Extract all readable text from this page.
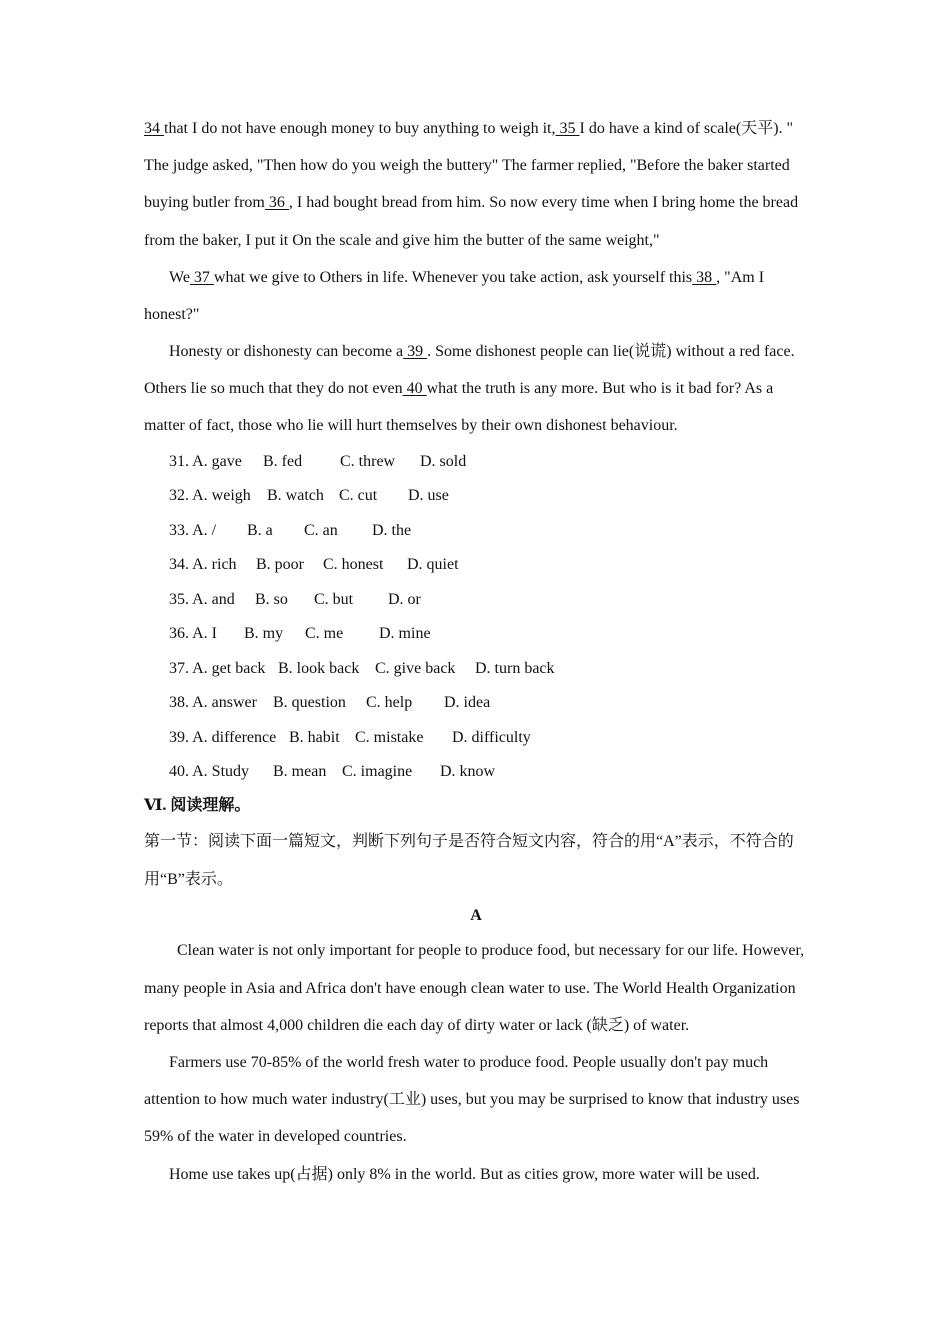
34 that I do not have enough money to buy anything to weigh it, 35 I do have a kind of scale(天平). " The judge asked, "Then how do you weigh the buttery" The farmer replied, "Before the baker started buying butler from 36 , I had bought bread from him. So now every time when I bring home the bread from the baker, I put it On the scale and give him the butter of the same weight,"

We 37 what we give to Others in life. Whenever you take action, ask yourself this 38 , "Am I honest?"

Honesty or dishonesty can become a 39 . Some dishonest people can lie(说谎) without a red face. Others lie so much that they do not even 40 what the truth is any more. But who is it bad for? As a matter of fact, those who lie will hurt themselves by their own dishonest behaviour.

31. A. gave	B. fed	C. threw	D. sold
32. A. weigh	B. watch C. cut	D. use
33. A. /	B. a	C. an	D. the
34. A. rich	B. poor	C. honest	D. quiet
35. A. and	B. so	C. but	D. or
36. A. I	B. my	C. me	D. mine
37. A. get back B. look back C. give back	D. turn back
38. A. answer	B. question	C. help	D. idea
39. A. difference B. habit C. mistake	D. difficulty
40. A. Study	B. mean C. imagine	D. know
Ⅵ. 阅读理解。

第一节：阅读下面一篇短文，判断下列句子是否符合短文内容，符合的用“A”表示，不符合的用“B”表示。

A

Clean water is not only important for people to produce food, but necessary for our life. However, many people in Asia and Africa don't have enough clean water to use. The World Health Organization reports that almost 4,000 children die each day of dirty water or lack (缺乏) of water.

Farmers use 70-85% of the world fresh water to produce food. People usually don't pay much attention to how much water industry(工业) uses, but you may be surprised to know that industry uses 59% of the water in developed countries.

Home use takes up(占据) only 8% in the world. But as cities grow, more water will be used.
